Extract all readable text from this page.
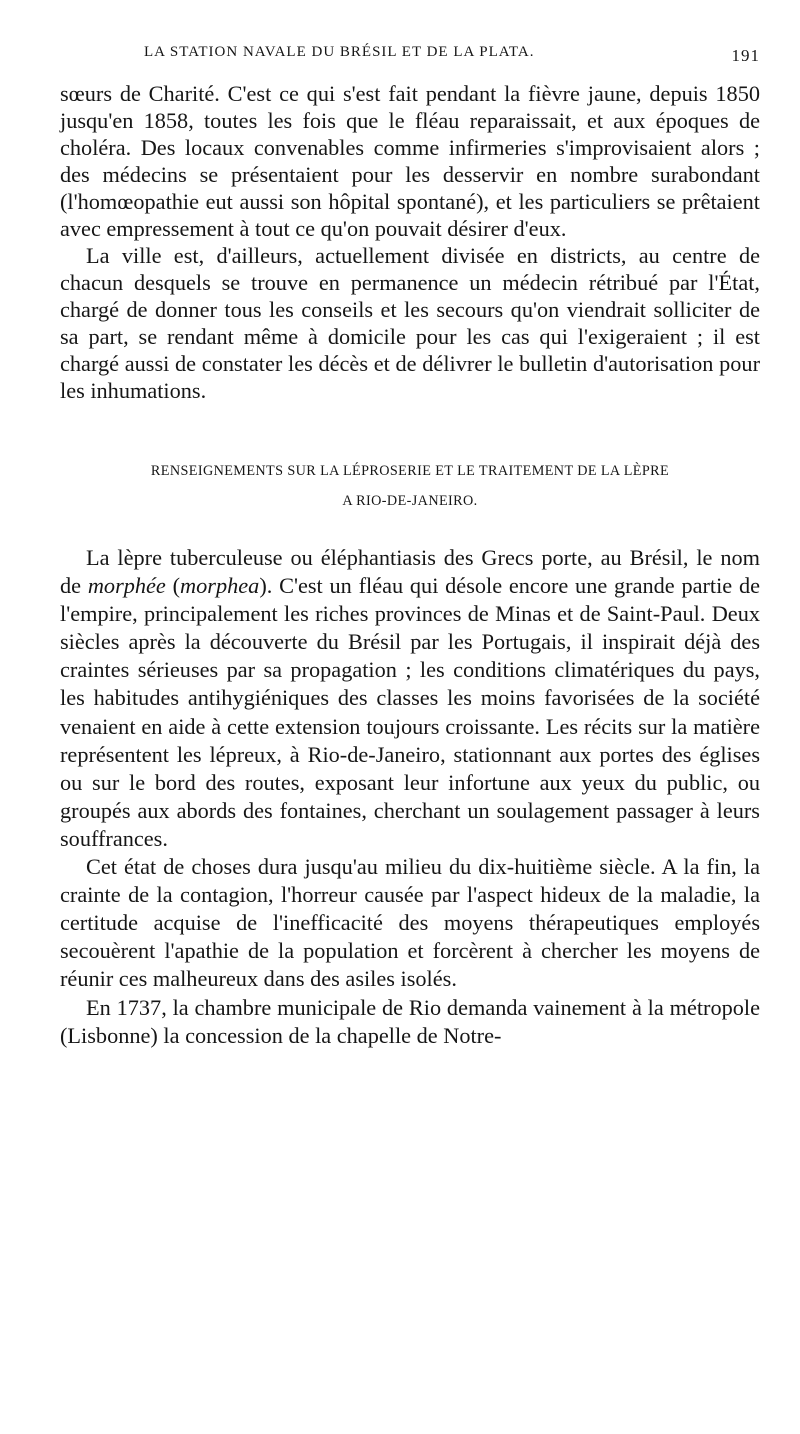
LA STATION NAVALE DU BRÉSIL ET DE LA PLATA.	191

sœurs de Charité. C'est ce qui s'est fait pendant la fièvre jaune, depuis 1850 jusqu'en 1858, toutes les fois que le fléau reparaissait, et aux époques de choléra. Des locaux convenables comme infirmeries s'improvisaient alors ; des médecins se présentaient pour les desservir en nombre surabondant (l'homœopathie eut aussi son hôpital spontané), et les particuliers se prêtaient avec empressement à tout ce qu'on pouvait désirer d'eux.

La ville est, d'ailleurs, actuellement divisée en districts, au centre de chacun desquels se trouve en permanence un médecin rétribué par l'État, chargé de donner tous les conseils et les secours qu'on viendrait solliciter de sa part, se rendant même à domicile pour les cas qui l'exigeraient ; il est chargé aussi de constater les décès et de délivrer le bulletin d'autorisation pour les inhumations.

RENSEIGNEMENTS SUR LA LÉPROSERIE ET LE TRAITEMENT DE LA LÈPRE
A RIO-DE-JANEIRO.

La lèpre tuberculeuse ou éléphantiasis des Grecs porte, au Brésil, le nom de morphée (morphea). C'est un fléau qui désole encore une grande partie de l'empire, principalement les riches provinces de Minas et de Saint-Paul. Deux siècles après la découverte du Brésil par les Portugais, il inspirait déjà des craintes sérieuses par sa propagation ; les conditions climatériques du pays, les habitudes antihygiéniques des classes les moins favorisées de la société venaient en aide à cette extension toujours croissante. Les récits sur la matière représentent les lépreux, à Rio-de-Janeiro, stationnant aux portes des églises ou sur le bord des routes, exposant leur infortune aux yeux du public, ou groupés aux abords des fontaines, cherchant un soulagement passager à leurs souffrances.

Cet état de choses dura jusqu'au milieu du dix-huitième siècle. A la fin, la crainte de la contagion, l'horreur causée par l'aspect hideux de la maladie, la certitude acquise de l'inefficacité des moyens thérapeutiques employés secouèrent l'apathie de la population et forcèrent à chercher les moyens de réunir ces malheureux dans des asiles isolés.

En 1737, la chambre municipale de Rio demanda vainement à la métropole (Lisbonne) la concession de la chapelle de Notre-
